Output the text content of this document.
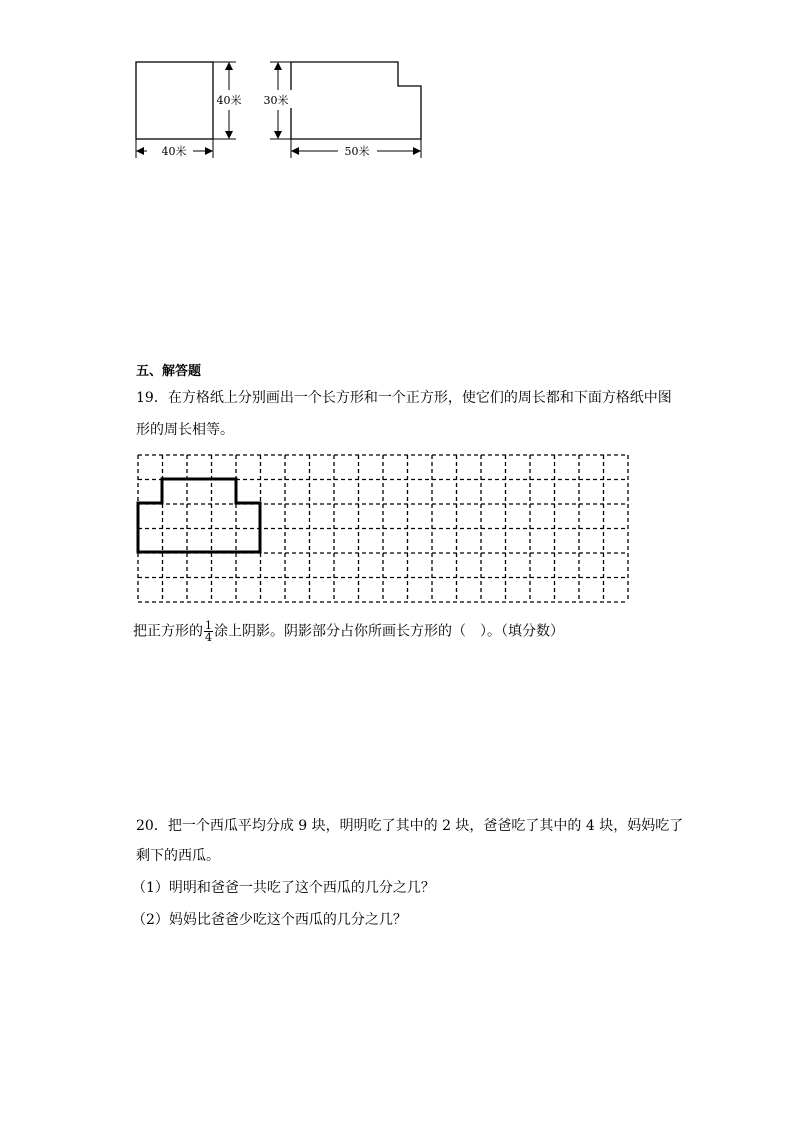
40米
40米
30米
50米
五、解答题
19．在方格纸上分别画出一个长方形和一个正方形，使它们的周长都和下面方格纸中图
形的周长相等。
把正方形的 $\frac{1}{4}$ 涂上阴影。阴影部分占你所画长方形的（　）。（填分数）
20．把一个西瓜平均分成 9 块，明明吃了其中的 2 块，爸爸吃了其中的 4 块，妈妈吃了
剩下的西瓜。
（1）明明和爸爸一共吃了这个西瓜的几分之几？
（2）妈妈比爸爸少吃这个西瓜的几分之几？
